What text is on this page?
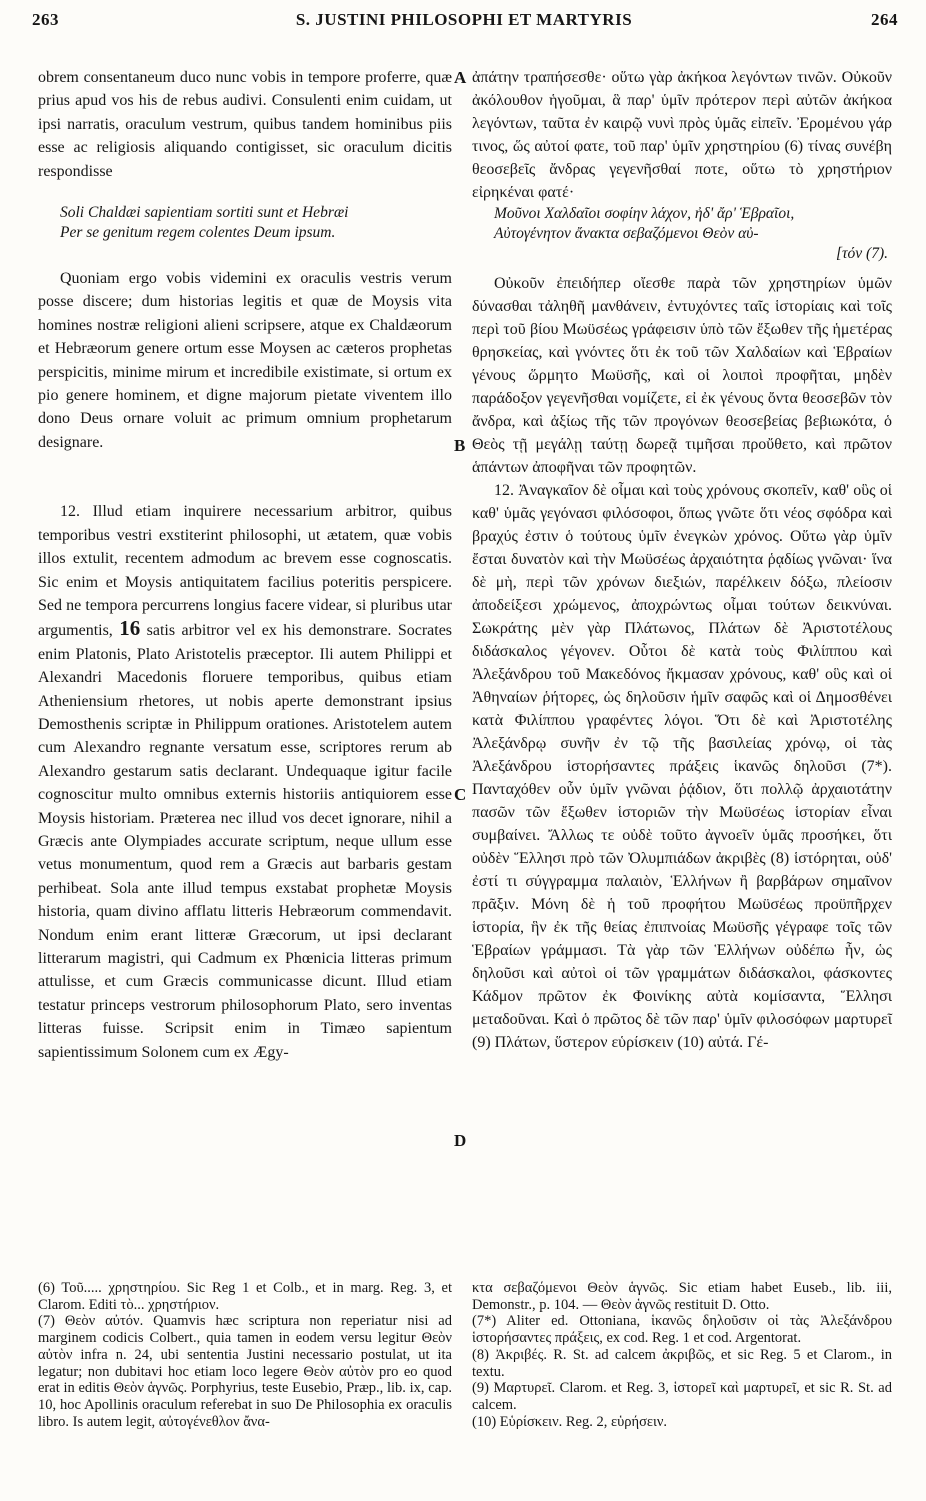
263	S. JUSTINI PHILOSOPHI ET MARTYRIS	264
A
B
C
D

obrem consentaneum duco nunc vobis in tempore proferre, quæ prius apud vos his de rebus audivi. Consulenti enim cuidam, ut ipsi narratis, oraculum vestrum, quibus tandem hominibus piis esse ac religiosis aliquando contigisset, sic oraculum dicitis respondisse

Soli Chaldæi sapientiam sortiti sunt et Hebræi
Per se genitum regem colentes Deum ipsum.

Quoniam ergo vobis videmini ex oraculis vestris verum posse discere; dum historias legitis et quæ de Moysis vita homines nostræ religioni alieni scripsere, atque ex Chaldæorum et Hebræorum genere ortum esse Moysen ac cæteros prophetas perspicitis, minime mirum et incredibile existimate, si ortum ex pio genere hominem, et digne majorum pietate viventem illo dono Deus ornare voluit ac primum omnium prophetarum designare.

12. Illud etiam inquirere necessarium arbitror, quibus temporibus vestri exstiterint philosophi, ut ætatem, quæ vobis illos extulit, recentem admodum ac brevem esse cognoscatis. Sic enim et Moysis antiquitatem facilius poteritis perspicere. Sed ne tempora percurrens longius facere videar, si pluribus utar argumentis, 16 satis arbitror vel ex his demonstrare. Socrates enim Platonis, Plato Aristotelis præceptor. Ili autem Philippi et Alexandri Macedonis floruere temporibus, quibus etiam Atheniensium rhetores, ut nobis aperte demonstrant ipsius Demosthenis scriptæ in Philippum orationes. Aristotelem autem cum Alexandro regnante versatum esse, scriptores rerum ab Alexandro gestarum satis declarant. Undequaque igitur facile cognoscitur multo omnibus externis historiis antiquiorem esse Moysis historiam. Præterea nec illud vos decet ignorare, nihil a Græcis ante Olympiades accurate scriptum, neque ullum esse vetus monumentum, quod rem a Græcis aut barbaris gestam perhibeat. Sola ante illud tempus exstabat prophetæ Moysis historia, quam divino afflatu litteris Hebræorum commendavit. Nondum enim erant litteræ Græcorum, ut ipsi declarant litterarum magistri, qui Cadmum ex Phœnicia litteras primum attulisse, et cum Græcis communicasse dicunt. Illud etiam testatur princeps vestrorum philosophorum Plato, sero inventas litteras fuisse. Scripsit enim in Timæo sapientum sapientissimum Solonem cum ex Ægy-

ἀπάτην τραπήσεσθε· οὕτω γὰρ ἀκήκοα λεγόντων τινῶν. Οὐκοῦν ἀκόλουθον ἡγοῦμαι, ἃ παρ' ὑμῖν πρότερον περὶ αὐτῶν ἀκήκοα λεγόντων, ταῦτα ἐν καιρῷ νυνὶ πρὸς ὑμᾶς εἰπεῖν. Ἐρομένου γάρ τινος, ὥς αὐτοί φατε, τοῦ παρ' ὑμῖν χρηστηρίου (6) τίνας συνέβη θεοσεβεῖς ἄνδρας γεγενῆσθαί ποτε, οὕτω τὸ χρηστήριον εἰρηκέναι φατέ·

Μοῦνοι Χαλδαῖοι σοφίην λάχον, ἠδ' ἄρ' Ἑβραῖοι,
Αὐτογένητον ἄνακτα σεβαζόμενοι Θεὸν αὐ-
[τόν (7).

Οὐκοῦν ἐπειδήπερ οἴεσθε παρὰ τῶν χρηστηρίων ὑμῶν δύνασθαι τἀληθῆ μανθάνειν, ἐντυχόντες ταῖς ἱστορίαις καὶ τοῖς περὶ τοῦ βίου Μωϋσέως γράφεισιν ὑπὸ τῶν ἔξωθεν τῆς ἡμετέρας θρησκείας, καὶ γνόντες ὅτι ἐκ τοῦ τῶν Χαλδαίων καὶ Ἑβραίων γένους ὥρμητο Μωϋσῆς, καὶ οἱ λοιποὶ προφῆται, μηδὲν παράδοξον γεγενῆσθαι νομίζετε, εἰ ἐκ γένους ὄντα θεοσεβῶν τὸν ἄνδρα, καὶ ἀξίως τῆς τῶν προγόνων θεοσεβείας βεβιωκότα, ὁ Θεὸς τῇ μεγάλῃ ταύτῃ δωρεᾷ τιμῆσαι προὔθετο, καὶ πρῶτον ἁπάντων ἀποφῆναι τῶν προφητῶν.

12. Ἀναγκαῖον δὲ οἶμαι καὶ τοὺς χρόνους σκοπεῖν, καθ' οὓς οἱ καθ' ὑμᾶς γεγόνασι φιλόσοφοι, ὅπως γνῶτε ὅτι νέος σφόδρα καὶ βραχύς ἐστιν ὁ τούτους ὑμῖν ἐνεγκὼν χρόνος. Οὕτω γὰρ ὑμῖν ἔσται δυνατὸν καὶ τὴν Μωϋσέως ἀρχαιότητα ῥᾳδίως γνῶναι· ἵνα δὲ μὴ, περὶ τῶν χρόνων διεξιών, παρέλκειν δόξω, πλείοσιν ἀποδείξεσι χρώμενος, ἀποχρώντως οἶμαι τούτων δεικνύναι. Σωκράτης μὲν γὰρ Πλάτωνος, Πλάτων δὲ Ἀριστοτέλους διδάσκαλος γέγονεν. Οὗτοι δὲ κατὰ τοὺς Φιλίππου καὶ Ἀλεξάνδρου τοῦ Μακεδόνος ἤκμασαν χρόνους, καθ' οὓς καὶ οἱ Ἀθηναίων ῥήτορες, ὡς δηλοῦσιν ἡμῖν σαφῶς καὶ οἱ Δημοσθένει κατὰ Φιλίππου γραφέντες λόγοι. Ὅτι δὲ καὶ Ἀριστοτέλης Ἀλεξάνδρῳ συνῆν ἐν τῷ τῆς βασιλείας χρόνῳ, οἱ τὰς Ἀλεξάνδρου ἱστορήσαντες πράξεις ἱκανῶς δηλοῦσι (7*). Πανταχόθεν οὖν ὑμῖν γνῶναι ῥᾴδιον, ὅτι πολλῷ ἀρχαιοτάτην πασῶν τῶν ἔξωθεν ἱστοριῶν τὴν Μωϋσέως ἱστορίαν εἶναι συμβαίνει. Ἄλλως τε οὐδὲ τοῦτο ἀγνοεῖν ὑμᾶς προσήκει, ὅτι οὐδὲν Ἕλλησι πρὸ τῶν Ὀλυμπιάδων ἀκριβὲς (8) ἱστόρηται, οὐδ' ἐστί τι σύγγραμμα παλαιὸν, Ἑλλήνων ἢ βαρβάρων σημαῖνον πρᾶξιν. Μόνη δὲ ἡ τοῦ προφήτου Μωϋσέως προϋπῆρχεν ἱστορία, ἣν ἐκ τῆς θείας ἐπιπνοίας Μωϋσῆς γέγραφε τοῖς τῶν Ἑβραίων γράμμασι. Τὰ γὰρ τῶν Ἑλλήνων οὐδέπω ἦν, ὡς δηλοῦσι καὶ αὐτοὶ οἱ τῶν γραμμάτων διδάσκαλοι, φάσκοντες Κάδμον πρῶτον ἐκ Φοινίκης αὐτὰ κομίσαντα, Ἕλλησι μεταδοῦναι. Καὶ ὁ πρῶτος δὲ τῶν παρ' ὑμῖν φιλοσόφων μαρτυρεῖ (9) Πλάτων, ὕστερον εὑρίσκειν (10) αὐτά. Γέ-

(6) Τοῦ..... χρηστηρίου. Sic Reg 1 et Colb., et in marg. Reg. 3, et Clarom. Editi τὸ... χρηστήριον.

(7) Θεὸν αὐτόν. Quamvis hæc scriptura non reperiatur nisi ad marginem codicis Colbert., quia tamen in eodem versu legitur Θεὸν αὐτὸν infra n. 24, ubi sententia Justini necessario postulat, ut ita legatur; non dubitavi hoc etiam loco legere Θεὸν αὐτὸν pro eo quod erat in editis Θεὸν ἁγνῶς. Porphyrius, teste Eusebio, Præp., lib. ix, cap. 10, hoc Apollinis oraculum referebat in suo De Philosophia ex oraculis libro. Is autem legit, αὐτογένεθλον ἄνα-

κτα σεβαζόμενοι Θεὸν ἁγνῶς. Sic etiam habet Euseb., lib. iii, Demonstr., p. 104. — Θεὸν ἁγνῶς restituit D. Otto.

(7*) Aliter ed. Ottoniana, ἱκανῶς δηλοῦσιν οἱ τὰς Ἀλεξάνδρου ἱστορήσαντες πράξεις, ex cod. Reg. 1 et cod. Argentorat.

(8) Ἀκριβές. R. St. ad calcem ἀκριβῶς, et sic Reg. 5 et Clarom., in textu.

(9) Μαρτυρεῖ. Clarom. et Reg. 3, ἱστορεῖ καὶ μαρτυρεῖ, et sic R. St. ad calcem.

(10) Εὑρίσκειν. Reg. 2, εὑρήσειν.
